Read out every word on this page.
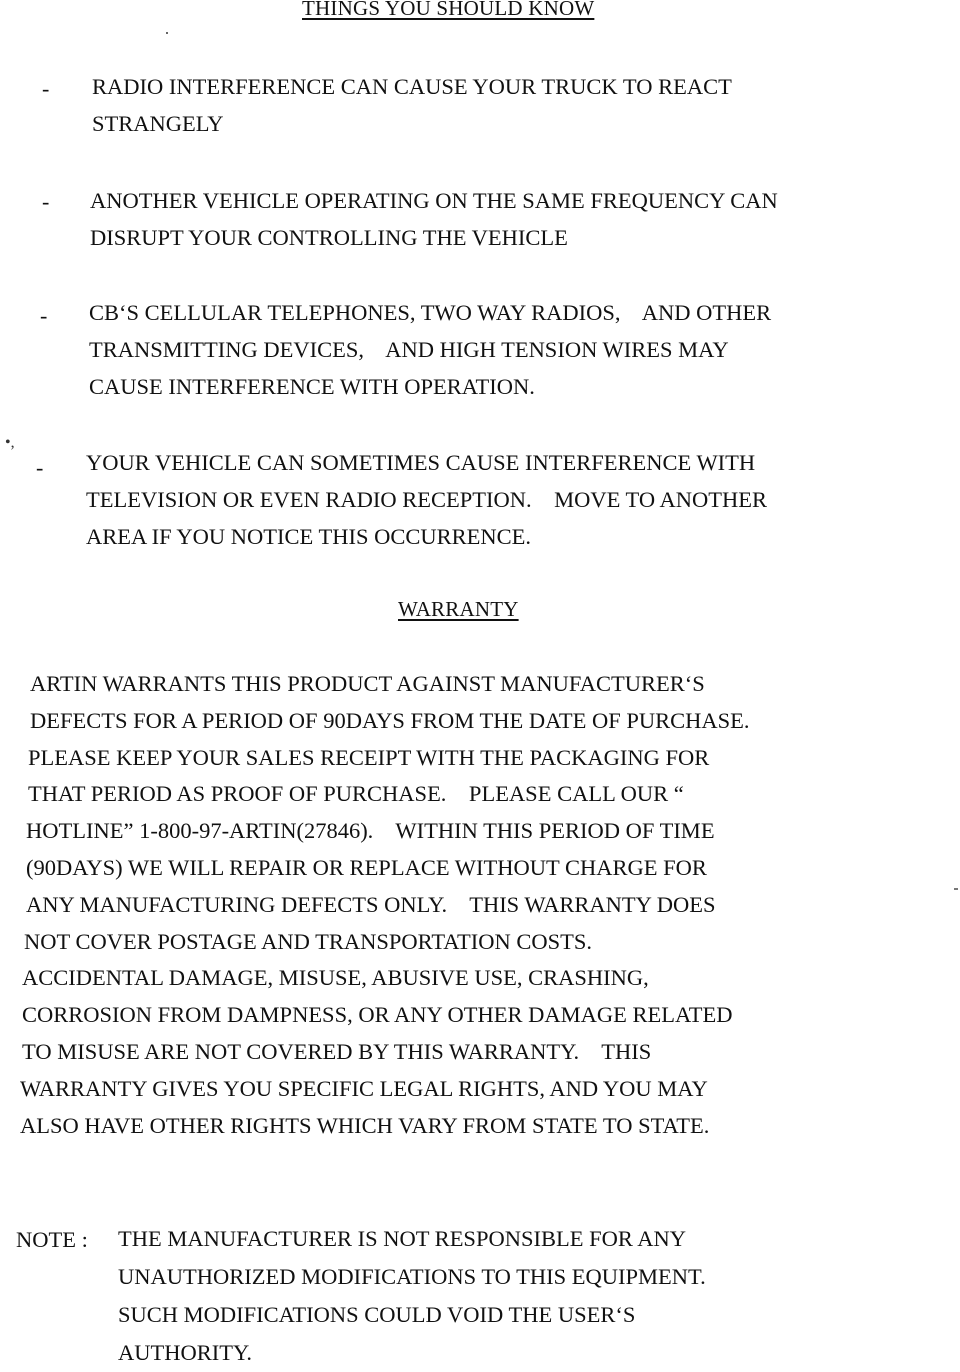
THINGS YOU SHOULD KNOW
- RADIO INTERFERENCE CAN CAUSE YOUR TRUCK TO REACT
STRANGELY
- ANOTHER VEHICLE OPERATING ON THE SAME FREQUENCY CAN
DISRUPT YOUR CONTROLLING THE VEHICLE
- CB‘S CELLULAR TELEPHONES, TWO WAY RADIOS,    AND OTHER
TRANSMITTING DEVICES,    AND HIGH TENSION WIRES MAY
CAUSE INTERFERENCE WITH OPERATION.
•,
- YOUR VEHICLE CAN SOMETIMES CAUSE INTERFERENCE WITH
TELEVISION OR EVEN RADIO RECEPTION.    MOVE TO ANOTHER
AREA IF YOU NOTICE THIS OCCURRENCE.
WARRANTY
ARTIN WARRANTS THIS PRODUCT AGAINST MANUFACTURER‘S
DEFECTS FOR A PERIOD OF 90DAYS FROM THE DATE OF PURCHASE.
PLEASE KEEP YOUR SALES RECEIPT WITH THE PACKAGING FOR
THAT PERIOD AS PROOF OF PURCHASE.    PLEASE CALL OUR “
HOTLINE” 1-800-97-ARTIN(27846).    WITHIN THIS PERIOD OF TIME
(90DAYS) WE WILL REPAIR OR REPLACE WITHOUT CHARGE FOR
ANY MANUFACTURING DEFECTS ONLY.    THIS WARRANTY DOES
NOT COVER POSTAGE AND TRANSPORTATION COSTS.
ACCIDENTAL DAMAGE, MISUSE, ABUSIVE USE, CRASHING,
CORROSION FROM DAMPNESS, OR ANY OTHER DAMAGE RELATED
TO MISUSE ARE NOT COVERED BY THIS WARRANTY.    THIS
WARRANTY GIVES YOU SPECIFIC LEGAL RIGHTS, AND YOU MAY
ALSO HAVE OTHER RIGHTS WHICH VARY FROM STATE TO STATE.
NOTE : THE MANUFACTURER IS NOT RESPONSIBLE FOR ANY
UNAUTHORIZED MODIFICATIONS TO THIS EQUIPMENT.
SUCH MODIFICATIONS COULD VOID THE USER‘S
AUTHORITY.
